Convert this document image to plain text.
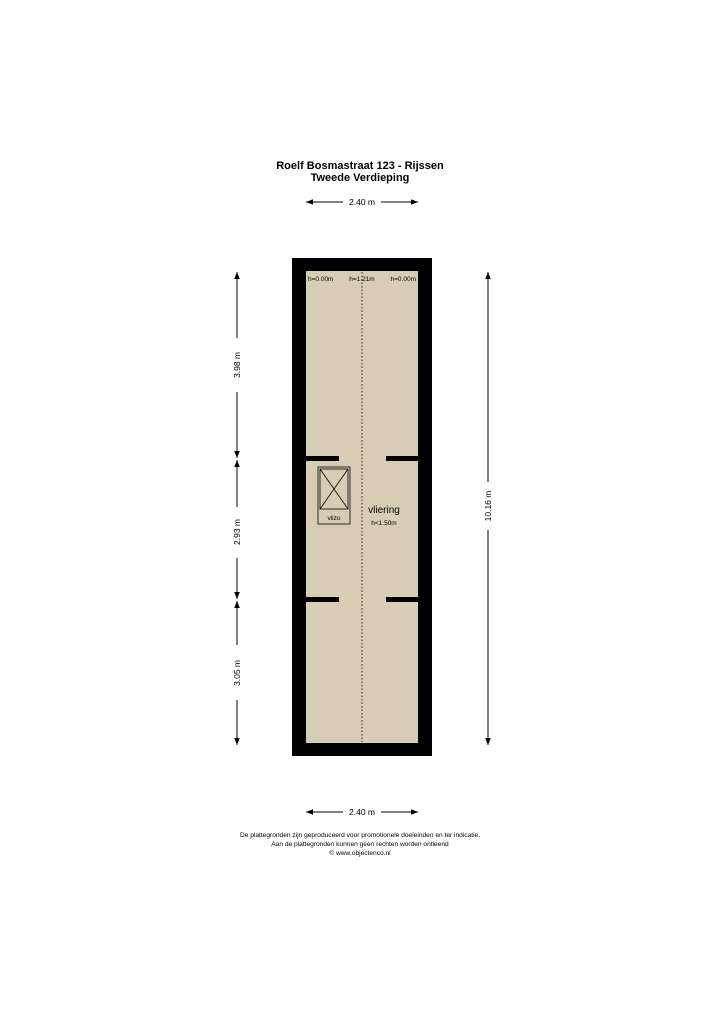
Roelf Bosmastraat 123 - Rijssen
Tweede Verdieping
2.40 m
h=0.00m h=1.21m h=0.00m
vlizo
vliering
h<1.50m
3.98 m
2.93 m
3.05 m
10.16 m
2.40 m
De plattegronden zijn geproduceerd voor promotionele doeleinden en ter indicatie.
Aan de plattegronden kunnen geen rechten worden ontleend
© www.objectenco.nl
